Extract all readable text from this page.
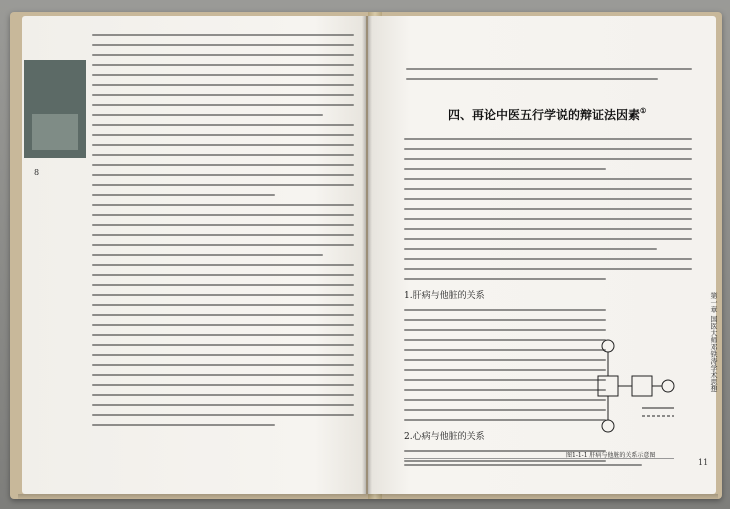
8
11
四、再论中医五行学说的辩证法因素①
1.肝病与他脏的关系
2.心病与他脏的关系
图1-1-1 肝病与他脏的关系示意图
第一章 国医大师邓铁涛学术思想
